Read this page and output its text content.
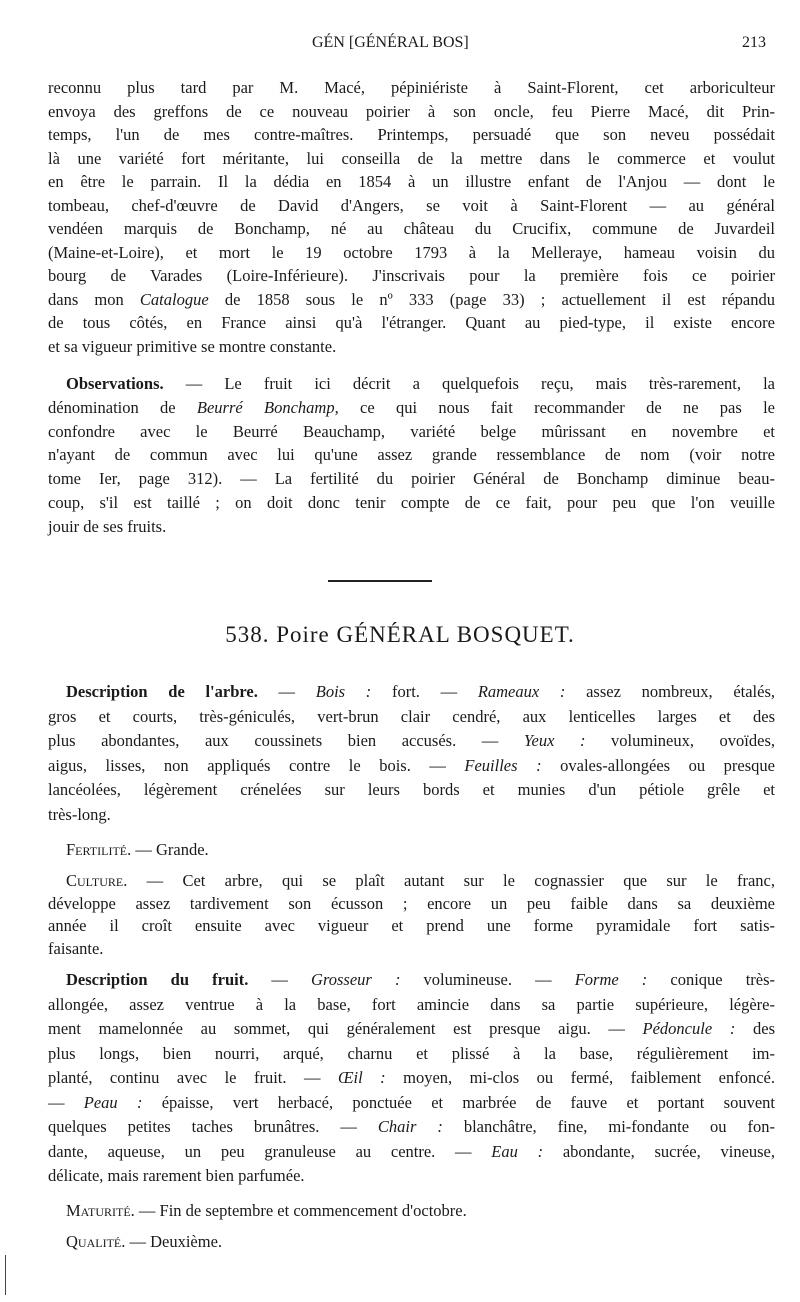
GÉN [GÉNÉRAL BOS]	213
reconnu plus tard par M. Macé, pépiniériste à Saint-Florent, cet arboriculteur
envoya des greffons de ce nouveau poirier à son oncle, feu Pierre Macé, dit Prin-
temps, l'un de mes contre-maîtres. Printemps, persuadé que son neveu possédait
là une variété fort méritante, lui conseilla de la mettre dans le commerce et voulut
en être le parrain. Il la dédia en 1854 à un illustre enfant de l'Anjou — dont le
tombeau, chef-d'œuvre de David d'Angers, se voit à Saint-Florent — au général
vendéen marquis de Bonchamp, né au château du Crucifix, commune de Juvardeil
(Maine-et-Loire), et mort le 19 octobre 1793 à la Melleraye, hameau voisin du
bourg de Varades (Loire-Inférieure). J'inscrivais pour la première fois ce poirier
dans mon Catalogue de 1858 sous le nº 333 (page 33) ; actuellement il est répandu
de tous côtés, en France ainsi qu'à l'étranger. Quant au pied-type, il existe encore
et sa vigueur primitive se montre constante.
Observations. — Le fruit ici décrit a quelquefois reçu, mais très-rarement, la
dénomination de Beurré Bonchamp, ce qui nous fait recommander de ne pas le
confondre avec le Beurré Beauchamp, variété belge mûrissant en novembre et
n'ayant de commun avec lui qu'une assez grande ressemblance de nom (voir notre
tome Ier, page 312). — La fertilité du poirier Général de Bonchamp diminue beau-
coup, s'il est taillé ; on doit donc tenir compte de ce fait, pour peu que l'on veuille
jouir de ses fruits.
538. Poire GÉNÉRAL BOSQUET.
Description de l'arbre. — Bois : fort. — Rameaux : assez nombreux, étalés,
gros et courts, très-géniculés, vert-brun clair cendré, aux lenticelles larges et des
plus abondantes, aux coussinets bien accusés. — Yeux : volumineux, ovoïdes,
aigus, lisses, non appliqués contre le bois. — Feuilles : ovales-allongées ou presque
lancéolées, légèrement crénelées sur leurs bords et munies d'un pétiole grêle et
très-long.
Fertilité. — Grande.
Culture. — Cet arbre, qui se plaît autant sur le cognassier que sur le franc,
développe assez tardivement son écusson ; encore un peu faible dans sa deuxième
année il croît ensuite avec vigueur et prend une forme pyramidale fort satis-
faisante.
Description du fruit. — Grosseur : volumineuse. — Forme : conique très-
allongée, assez ventrue à la base, fort amincie dans sa partie supérieure, légère-
ment mamelonnée au sommet, qui généralement est presque aigu. — Pédoncule : des
plus longs, bien nourri, arqué, charnu et plissé à la base, régulièrement im-
planté, continu avec le fruit. — Œil : moyen, mi-clos ou fermé, faiblement enfoncé.
— Peau : épaisse, vert herbacé, ponctuée et marbrée de fauve et portant souvent
quelques petites taches brunâtres. — Chair : blanchâtre, fine, mi-fondante ou fon-
dante, aqueuse, un peu granuleuse au centre. — Eau : abondante, sucrée, vineuse,
délicate, mais rarement bien parfumée.
Maturité. — Fin de septembre et commencement d'octobre.
Qualité. — Deuxième.
